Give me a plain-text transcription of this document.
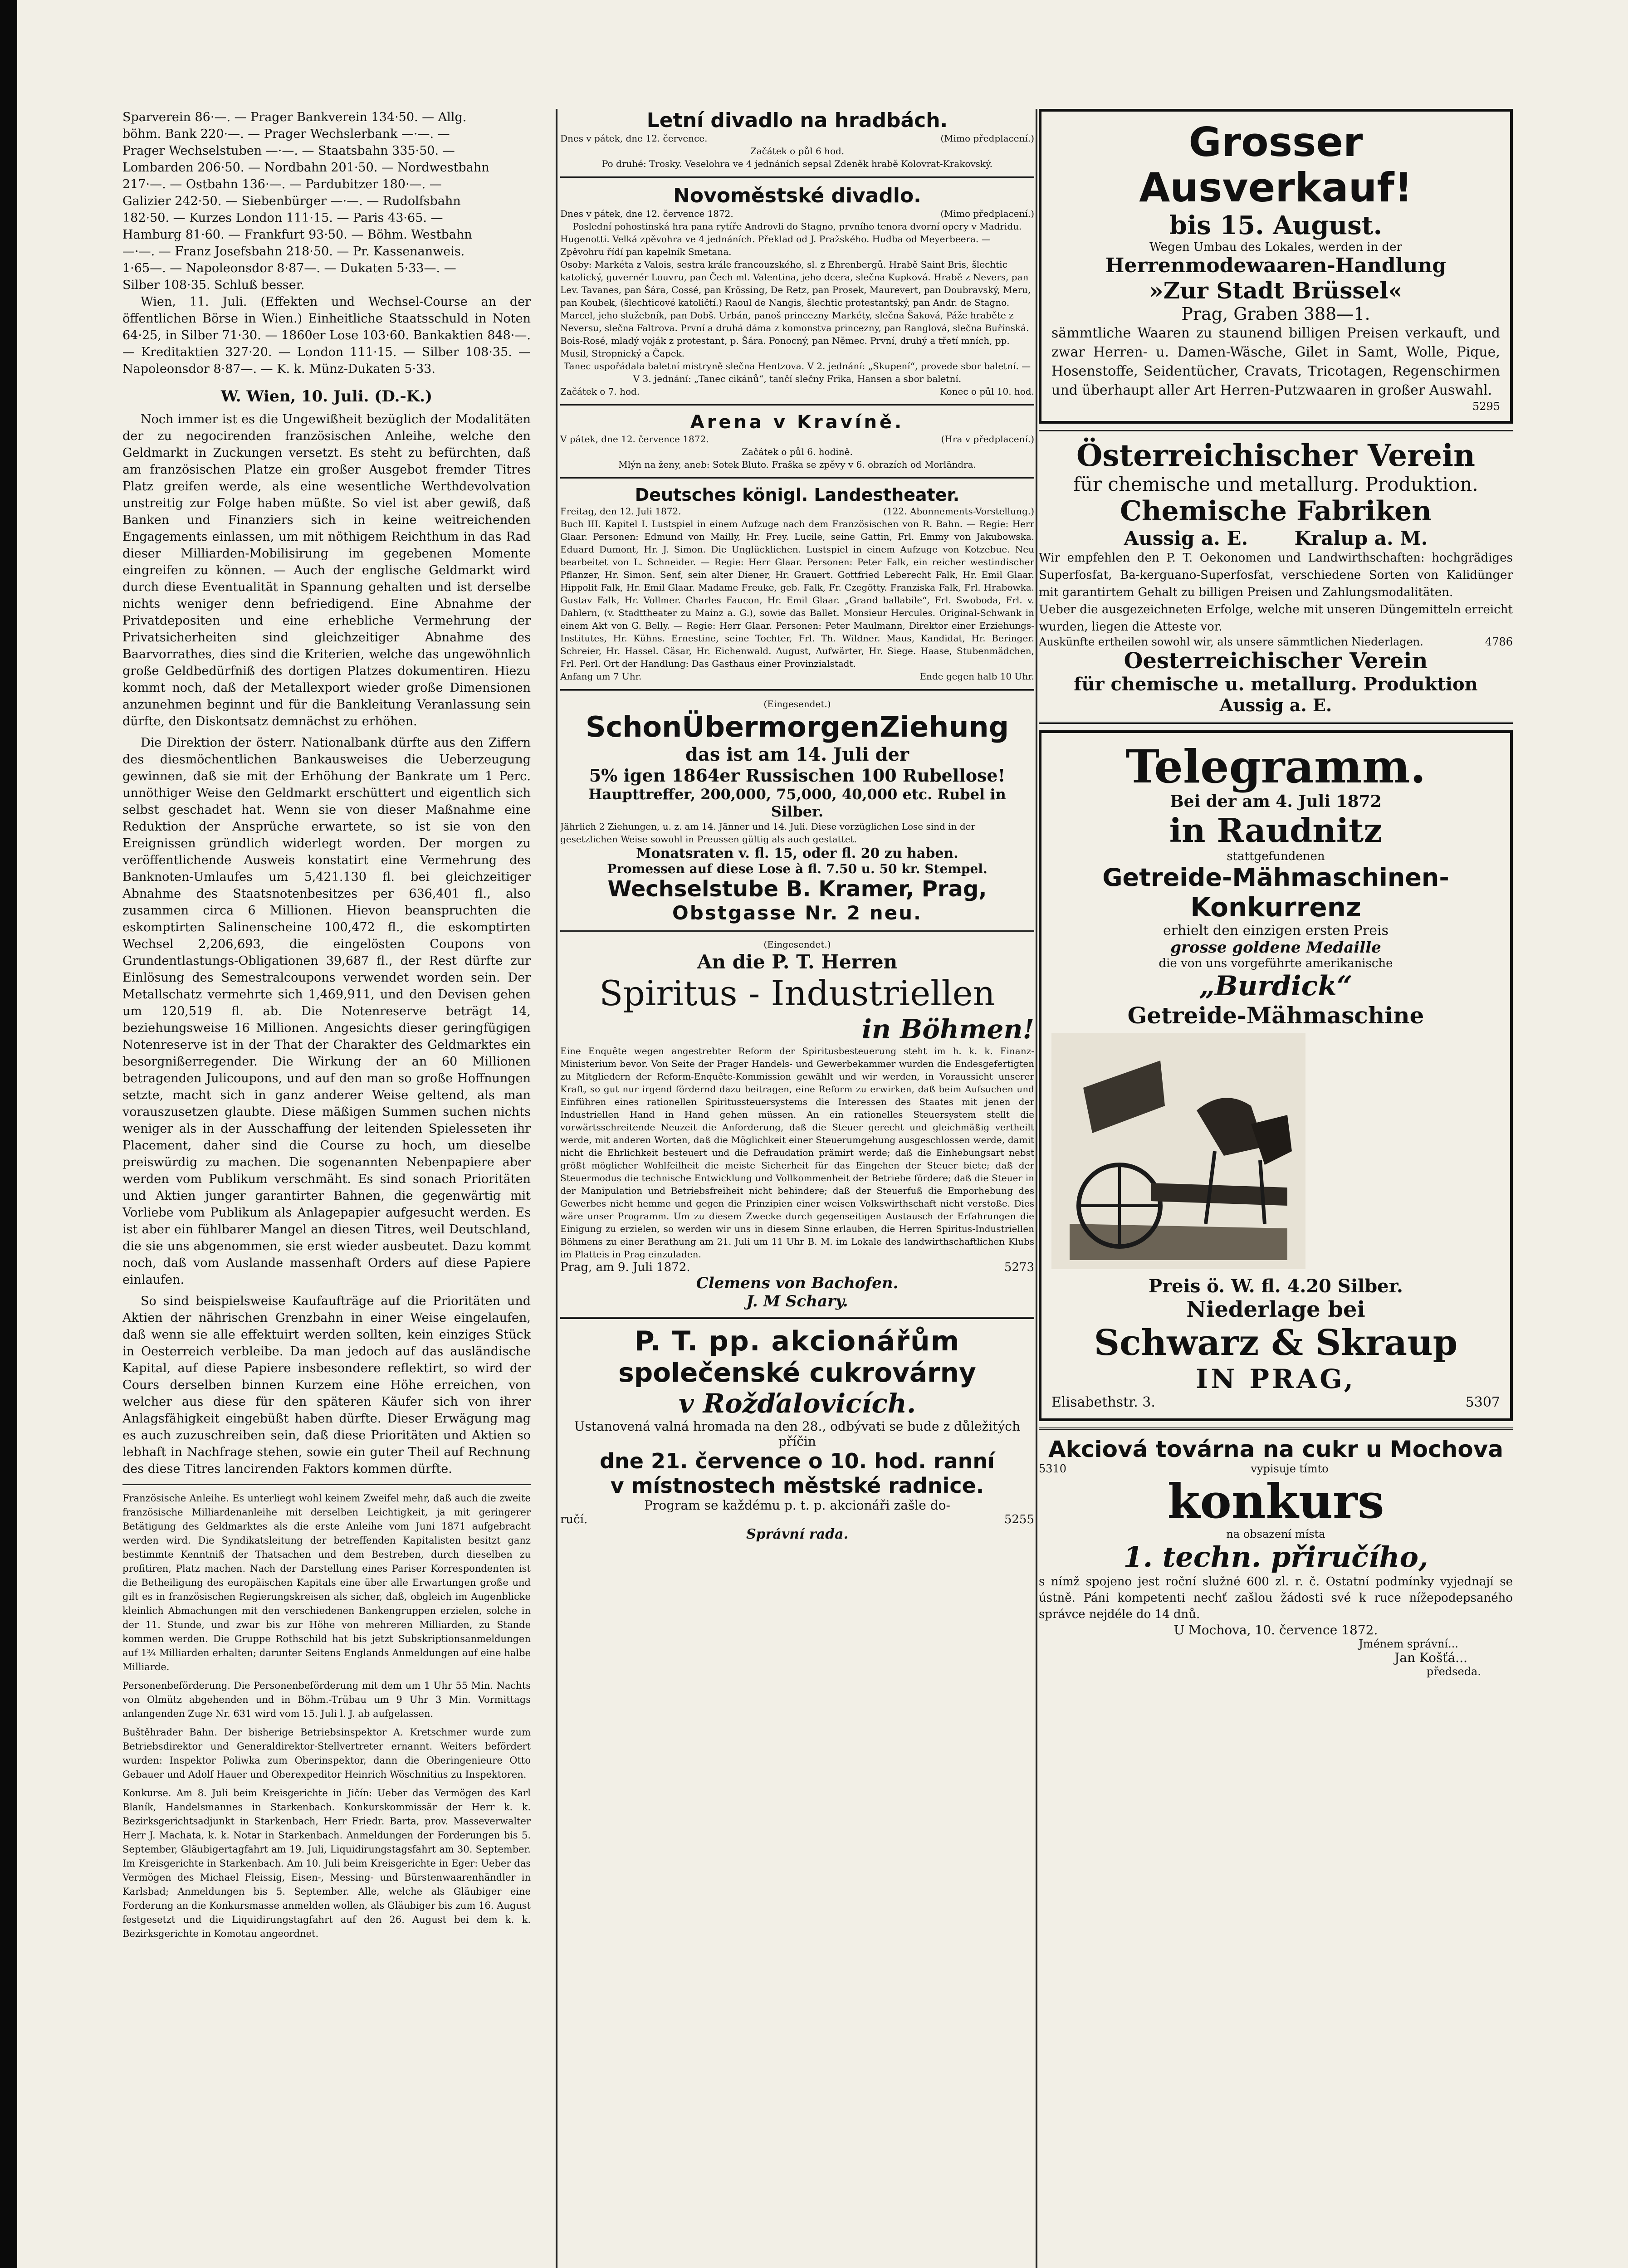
Sparverein 86·—. — Prager Bankverein 134·50. — Allg.
böhm. Bank 220·—. — Prager Wechslerbank —·—. —
Prager Wechselstuben —·—. — Staatsbahn 335·50. —
Lombarden 206·50. — Nordbahn 201·50. — Nordwestbahn
217·—. — Ostbahn 136·—. — Pardubitzer 180·—. —
Galizier 242·50. — Siebenbürger —·—. — Rudolfsbahn
182·50. — Kurzes London 111·15. — Paris 43·65. —
Hamburg 81·60. — Frankfurt 93·50. — Böhm. Westbahn
—·—. — Franz Josefsbahn 218·50. — Pr. Kassenanweis.
1·65—. — Napoleonsdor 8·87—. — Dukaten 5·33—. —
Silber 108·35. Schluß besser.

Wien, 11. Juli. (Effekten und Wechsel-Course an der öffentlichen Börse in Wien.) Einheitliche Staatsschuld in Noten 64·25, in Silber 71·30. — 1860er Lose 103·60. Bankaktien 848·—. — Kreditaktien 327·20. — London 111·15. — Silber 108·35. — Napoleonsdor 8·87—. — K. k. Münz-Dukaten 5·33.

W. Wien, 10. Juli. (D.-K.)

Noch immer ist es die Ungewißheit bezüglich der Modalitäten der zu negocirenden französischen Anleihe, welche den Geldmarkt in Zuckungen versetzt. Es steht zu befürchten, daß am französischen Platze ein großer Ausgebot fremder Titres Platz greifen werde, als eine wesentliche Werthdevolvation unstreitig zur Folge haben müßte. So viel ist aber gewiß, daß Banken und Finanziers sich in keine weitreichenden Engagements einlassen, um mit nöthigem Reichthum in das Rad dieser Milliarden-Mobilisirung im gegebenen Momente eingreifen zu können. — Auch der englische Geldmarkt wird durch diese Eventualität in Spannung gehalten und ist derselbe nichts weniger denn befriedigend. Eine Abnahme der Privatdepositen und eine erhebliche Vermehrung der Privatsicherheiten sind gleichzeitiger Abnahme des Baarvorrathes, dies sind die Kriterien, welche das ungewöhnlich große Geldbedürfniß des dortigen Platzes dokumentiren. Hiezu kommt noch, daß der Metallexport wieder große Dimensionen anzunehmen beginnt und für die Bankleitung Veranlassung sein dürfte, den Diskontsatz demnächst zu erhöhen.

Die Direktion der österr. Nationalbank dürfte aus den Ziffern des diesmöchentlichen Bankausweises die Ueberzeugung gewinnen, daß sie mit der Erhöhung der Bankrate um 1 Perc. unnöthiger Weise den Geldmarkt erschüttert und eigentlich sich selbst geschadet hat. Wenn sie von dieser Maßnahme eine Reduktion der Ansprüche erwartete, so ist sie von den Ereignissen gründlich widerlegt worden. Der morgen zu veröffentlichende Ausweis konstatirt eine Vermehrung des Banknoten-Umlaufes um 5,421.130 fl. bei gleichzeitiger Abnahme des Staatsnotenbesitzes per 636,401 fl., also zusammen circa 6 Millionen. Hievon beanspruchten die eskomptirten Salinenscheine 100,472 fl., die eskomptirten Wechsel 2,206,693, die eingelösten Coupons von Grundentlastungs-Obligationen 39,687 fl., der Rest dürfte zur Einlösung des Semestralcoupons verwendet worden sein. Der Metallschatz vermehrte sich 1,469,911, und den Devisen gehen um 120,519 fl. ab. Die Notenreserve beträgt 14, beziehungsweise 16 Millionen. Angesichts dieser geringfügigen Notenreserve ist in der That der Charakter des Geldmarktes ein besorgnißerregender. Die Wirkung der an 60 Millionen betragenden Julicoupons, und auf den man so große Hoffnungen setzte, macht sich in ganz anderer Weise geltend, als man vorauszusetzen glaubte. Diese mäßigen Summen suchen nichts weniger als in der Ausschaffung der leitenden Spielesseten ihr Placement, daher sind die Course zu hoch, um dieselbe preiswürdig zu machen. Die sogenannten Nebenpapiere aber werden vom Publikum verschmäht. Es sind sonach Prioritäten und Aktien junger garantirter Bahnen, die gegenwärtig mit Vorliebe vom Publikum als Anlagepapier aufgesucht werden. Es ist aber ein fühlbarer Mangel an diesen Titres, weil Deutschland, die sie uns abgenommen, sie erst wieder ausbeutet. Dazu kommt noch, daß vom Auslande massenhaft Orders auf diese Papiere einlaufen.

So sind beispielsweise Kaufaufträge auf die Prioritäten und Aktien der nährischen Grenzbahn in einer Weise eingelaufen, daß wenn sie alle effektuirt werden sollten, kein einziges Stück in Oesterreich verbleibe. Da man jedoch auf das ausländische Kapital, auf diese Papiere insbesondere reflektirt, so wird der Cours derselben binnen Kurzem eine Höhe erreichen, von welcher aus diese für den späteren Käufer sich von ihrer Anlagsfähigkeit eingebüßt haben dürfte. Dieser Erwägung mag es auch zuzuschreiben sein, daß diese Prioritäten und Aktien so lebhaft in Nachfrage stehen, sowie ein guter Theil auf Rechnung des diese Titres lancirenden Faktors kommen dürfte.

Französische Anleihe. Es unterliegt wohl keinem Zweifel mehr, daß auch die zweite französische Milliardenanleihe mit derselben Leichtigkeit, ja mit geringerer Betätigung des Geldmarktes als die erste Anleihe vom Juni 1871 aufgebracht werden wird. Die Syndikatsleitung der betreffenden Kapitalisten besitzt ganz bestimmte Kenntniß der Thatsachen und dem Bestreben, durch dieselben zu profitiren, Platz machen. Nach der Darstellung eines Pariser Korrespondenten ist die Betheiligung des europäischen Kapitals eine über alle Erwartungen große und gilt es in französischen Regierungskreisen als sicher, daß, obgleich im Augenblicke kleinlich Abmachungen mit den verschiedenen Bankengruppen erzielen, solche in der 11. Stunde, und zwar bis zur Höhe von mehreren Milliarden, zu Stande kommen werden. Die Gruppe Rothschild hat bis jetzt Subskriptionsanmeldungen auf 1¾ Milliarden erhalten; darunter Seitens Englands Anmeldungen auf eine halbe Milliarde.

Personenbeförderung. Die Personenbeförderung mit dem um 1 Uhr 55 Min. Nachts von Olmütz abgehenden und in Böhm.-Trübau um 9 Uhr 3 Min. Vormittags anlangenden Zuge Nr. 631 wird vom 15. Juli l. J. ab aufgelassen.

Buštěhrader Bahn. Der bisherige Betriebsinspektor A. Kretschmer wurde zum Betriebsdirektor und Generaldirektor-Stellvertreter ernannt. Weiters befördert wurden: Inspektor Poliwka zum Oberinspektor, dann die Oberingenieure Otto Gebauer und Adolf Hauer und Oberexpeditor Heinrich Wöschnitius zu Inspektoren.

Konkurse. Am 8. Juli beim Kreisgerichte in Jičín: Ueber das Vermögen des Karl Blaník, Handelsmannes in Starkenbach. Konkurskommissär der Herr k. k. Bezirksgerichtsadjunkt in Starkenbach, Herr Friedr. Barta, prov. Masseverwalter Herr J. Machata, k. k. Notar in Starkenbach. Anmeldungen der Forderungen bis 5. September, Gläubigertagfahrt am 19. Juli, Liquidirungstagsfahrt am 30. September. Im Kreisgerichte in Starkenbach. Am 10. Juli beim Kreisgerichte in Eger: Ueber das Vermögen des Michael Fleissig, Eisen-, Messing- und Bürstenwaarenhändler in Karlsbad; Anmeldungen bis 5. September. Alle, welche als Gläubiger eine Forderung an die Konkursmasse anmelden wollen, als Gläubiger bis zum 16. August festgesetzt und die Liquidirungstagfahrt auf den 26. August bei dem k. k. Bezirksgerichte in Komotau angeordnet.

Letní divadlo na hradbách.
Dnes v pátek, dne 12. července.	(Mimo předplacení.)
Začátek o půl 6 hod.
Po druhé: Trosky. Veselohra ve 4 jednáních sepsal Zdeněk hrabě Kolovrat-Krakovský.
Novoměstské divadlo.
Dnes v pátek, dne 12. července 1872.	(Mimo předplacení.)
Poslední pohostinská hra pana rytíře Androvli do Stagno, prvního tenora dvorní opery v Madridu.
Hugenotti. Velká zpěvohra ve 4 jednáních. Překlad od J. Pražského. Hudba od Meyerbeera. — Zpěvohru řídí pan kapelník Smetana.
Osoby: Markéta z Valois, sestra krále francouzského, sl. z Ehrenbergů. Hrabě Saint Bris, šlechtic katolický, guvernér Louvru, pan Čech ml. Valentina, jeho dcera, slečna Kupková. Hrabě z Nevers, pan Lev. Tavanes, pan Šára, Cossé, pan Krössing, De Retz, pan Prosek, Maurevert, pan Doubravský, Meru, pan Koubek, (šlechticové katoličtí.) Raoul de Nangis, šlechtic protestantský, pan Andr. de Stagno. Marcel, jeho služebník, pan Dobš. Urbán, panoš princezny Markéty, slečna Šaková, Páže hraběte z Neversu, slečna Faltrova. První a druhá dáma z komonstva princezny, pan Ranglová, slečna Buřínská. Bois-Rosé, mladý voják z protestant, p. Šára. Ponocný, pan Němec. První, druhý a třetí mních, pp. Musil, Stropnický a Čapek.
Tanec uspořádala baletní mistryně slečna Hentzova. V 2. jednání: „Skupení“, provede sbor baletní. — V 3. jednání: „Tanec cikánů“, tančí slečny Frika, Hansen a sbor baletní.
Začátek o 7. hod.	Konec o půl 10. hod.
Arena v Kravíně.
V pátek, dne 12. července 1872.	(Hra v předplacení.)
Začátek o půl 6. hodině.
Mlýn na ženy, aneb: Sotek Bluto. Fraška se zpěvy v 6. obrazích od Morländra.
Deutsches königl. Landestheater.
Freitag, den 12. Juli 1872.	(122. Abonnements-Vorstellung.)
Buch III. Kapitel I. Lustspiel in einem Aufzuge nach dem Französischen von R. Bahn. — Regie: Herr Glaar. Personen: Edmund von Mailly, Hr. Frey. Lucile, seine Gattin, Frl. Emmy von Jakubowska. Eduard Dumont, Hr. J. Simon. Die Unglücklichen. Lustspiel in einem Aufzuge von Kotzebue. Neu bearbeitet von L. Schneider. — Regie: Herr Glaar. Personen: Peter Falk, ein reicher westindischer Pflanzer, Hr. Simon. Senf, sein alter Diener, Hr. Grauert. Gottfried Leberecht Falk, Hr. Emil Glaar. Hippolit Falk, Hr. Emil Glaar. Madame Freuke, geb. Falk, Fr. Czegötty. Franziska Falk, Frl. Hrabowka. Gustav Falk, Hr. Vollmer. Charles Faucon, Hr. Emil Glaar. „Grand ballabile“, Frl. Swoboda, Frl. v. Dahlern, (v. Stadttheater zu Mainz a. G.), sowie das Ballet. Monsieur Hercules. Original-Schwank in einem Akt von G. Belly. — Regie: Herr Glaar. Personen: Peter Maulmann, Direktor einer Erziehungs-Institutes, Hr. Kühns. Ernestine, seine Tochter, Frl. Th. Wildner. Maus, Kandidat, Hr. Beringer. Schreier, Hr. Hassel. Cäsar, Hr. Eichenwald. August, Aufwärter, Hr. Siege. Haase, Stubenmädchen, Frl. Perl. Ort der Handlung: Das Gasthaus einer Provinzialstadt.
Anfang um 7 Uhr.	Ende gegen halb 10 Uhr.
(Eingesendet.)
SchonÜbermorgenZiehung
das ist am 14. Juli der
5% igen 1864er Russischen 100 Rubellose!
Haupttreffer, 200,000, 75,000, 40,000 etc. Rubel in Silber.
Jährlich 2 Ziehungen, u. z. am 14. Jänner und 14. Juli. Diese vorzüglichen Lose sind in der gesetzlichen Weise sowohl in Preussen gültig als auch gestattet.
Monatsraten v. fl. 15, oder fl. 20 zu haben.
Promessen auf diese Lose à fl. 7.50 u. 50 kr. Stempel.
Wechselstube B. Kramer, Prag,
Obstgasse Nr. 2 neu.
(Eingesendet.)
An die P. T. Herren
Spiritus - Industriellen
in Böhmen!
Eine Enquête wegen angestrebter Reform der Spiritusbesteuerung steht im h. k. k. Finanz-Ministerium bevor. Von Seite der Prager Handels- und Gewerbekammer wurden die Endesgefertigten zu Mitgliedern der Reform-Enquête-Kommission gewählt und wir werden, in Voraussicht unserer Kraft, so gut nur irgend fördernd dazu beitragen, eine Reform zu erwirken, daß beim Aufsuchen und Einführen eines rationellen Spiritussteuersystems die Interessen des Staates mit jenen der Industriellen Hand in Hand gehen müssen. An ein rationelles Steuersystem stellt die vorwärtsschreitende Neuzeit die Anforderung, daß die Steuer gerecht und gleichmäßig vertheilt werde, mit anderen Worten, daß die Möglichkeit einer Steuerumgehung ausgeschlossen werde, damit nicht die Ehrlichkeit besteuert und die Defraudation prämirt werde; daß die Einhebungsart nebst größt möglicher Wohlfeilheit die meiste Sicherheit für das Eingehen der Steuer biete; daß der Steuermodus die technische Entwicklung und Vollkommenheit der Betriebe fördere; daß die Steuer in der Manipulation und Betriebsfreiheit nicht behindere; daß der Steuerfuß die Emporhebung des Gewerbes nicht hemme und gegen die Prinzipien einer weisen Volkswirthschaft nicht verstoße. Dies wäre unser Programm. Um zu diesem Zwecke durch gegenseitigen Austausch der Erfahrungen die Einigung zu erzielen, so werden wir uns in diesem Sinne erlauben, die Herren Spiritus-Industriellen Böhmens zu einer Berathung am 21. Juli um 11 Uhr B. M. im Lokale des landwirthschaftlichen Klubs im Platteis in Prag einzuladen.
Prag, am 9. Juli 1872.	5273
Clemens von Bachofen.
J. M Schary.
P. T. pp. akcionářům
společenské cukrovárny
v Rožďalovicích.
Ustanovená valná hromada na den 28., odbývati se bude z důležitých příčin
dne 21. července o 10. hod. ranní
v místnostech městské radnice.
Program se každému p. t. p. akcionáři zašle do-
ručí.	5255
Správní rada.
Grosser Ausverkauf!
bis 15. August.
Wegen Umbau des Lokales, werden in der
Herrenmodewaaren-Handlung
»Zur Stadt Brüssel«
Prag, Graben 388—1.
sämmtliche Waaren zu staunend billigen Preisen verkauft, und zwar Herren- u. Damen-Wäsche, Gilet in Samt, Wolle, Pique, Hosenstoffe, Seidentücher, Cravats, Tricotagen, Regenschirmen und überhaupt aller Art Herren-Putzwaaren in großer Auswahl.
5295
Österreichischer Verein
für chemische und metallurg. Produktion.
Chemische Fabriken
Aussig a. E.       Kralup a. M.
Wir empfehlen den P. T. Oekonomen und Landwirthschaften: hochgrädiges Superfosfat, Ba-kerguano-Superfosfat, verschiedene Sorten von Kalidünger mit garantirtem Gehalt zu billigen Preisen und Zahlungsmodalitäten.
Ueber die ausgezeichneten Erfolge, welche mit unseren Düngemitteln erreicht wurden, liegen die Atteste vor.
Auskünfte ertheilen sowohl wir, als unsere sämmtlichen Niederlagen.	4786
Oesterreichischer Verein
für chemische u. metallurg. Produktion
Aussig a. E.
Telegramm.
Bei der am 4. Juli 1872
in Raudnitz
stattgefundenen
Getreide-Mähmaschinen-
Konkurrenz
erhielt den einzigen ersten Preis
grosse goldene Medaille
die von uns vorgeführte amerikanische
„Burdick“
Getreide-Mähmaschine
Preis ö. W. fl. 4.20 Silber.
Niederlage bei
Schwarz & Skraup
IN PRAG,
Elisabethstr. 3.	5307
Akciová továrna na cukr u Mochova
5310	vypisuje tímto
konkurs
na obsazení místa
1. techn. přiručího,
s nímž spojeno jest roční služné 600 zl. r. č. Ostatní podmínky vyjednají se ústně. Páni kompetenti nechť zašlou žádosti své k ruce nížepodepsaného správce nejdéle do 14 dnů.
U Mochova, 10. července 1872.
Jménem správní...
Jan Košťá...
předseda.
